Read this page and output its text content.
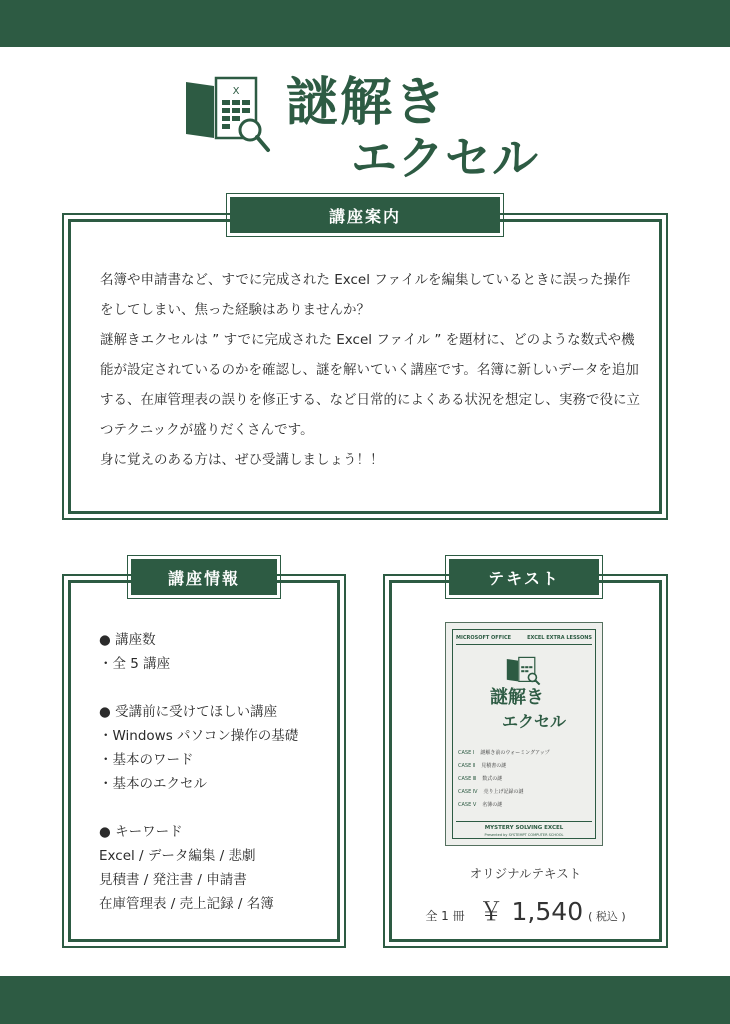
X 謎解き
エクセル
講座案内

名簿や申請書など、すでに完成された Excel ファイルを編集しているときに誤った操作をしてしまい、焦った経験はありませんか？

謎解きエクセルは ” すでに完成された Excel ファイル ” を題材に、どのような数式や機能が設定されているのかを確認し、謎を解いていく講座です。名簿に新しいデータを追加する、在庫管理表の誤りを修正する、など日常的によくある状況を想定し、実務で役に立つテクニックが盛りだくさんです。

身に覚えのある方は、ぜひ受講しましょう！！

講座情報
● 講座数
・全 5 講座
● 受講前に受けてほしい講座
・Windows パソコン操作の基礎
・基本のワード
・基本のエクセル
● キーワード
Excel / データ編集 / 悲劇
見積書 / 発注書 / 申請書
在庫管理表 / 売上記録 / 名簿
テキスト
MICROSOFT OFFICE	EXCEL EXTRA LESSONS
謎解き
エクセル
CASE Ⅰ 謎解き前のウォーミングアップ
CASE Ⅱ 見積書の謎
CASE Ⅲ 数式の謎
CASE Ⅳ 売り上げ記録の謎
CASE Ⅴ 名簿の謎
MYSTERY SOLVING EXCEL
Presented by SYSTEMPT COMPUTER SCHOOL
オリジナルテキスト
全 1 冊 ￥ 1,540 ( 税込 )
